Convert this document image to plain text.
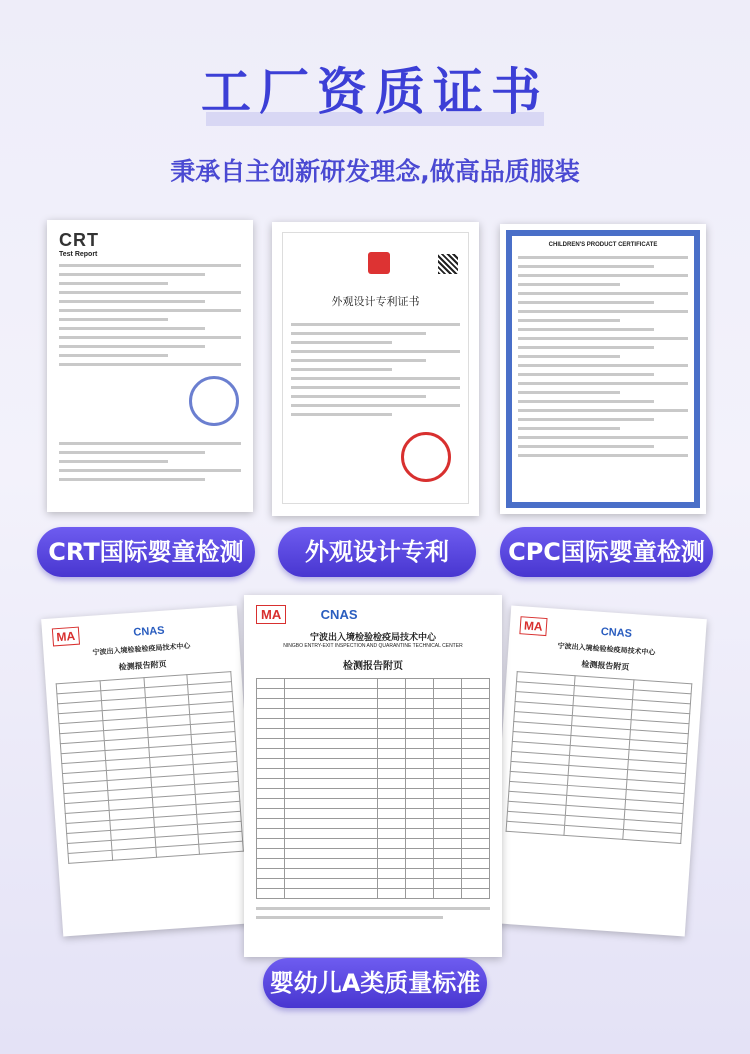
工厂资质证书
秉承自主创新研发理念,做高品质服装
CRT
Test Report
外观设计专利证书
CHILDREN'S PRODUCT CERTIFICATE
CRT国际婴童检测	外观设计专利	CPC国际婴童检测
MA	CNAS
宁波出入境检验检疫局技术中心
检测报告附页

MA	CNAS
宁波出入境检验检疫局技术中心
检测报告附页

MA	CNAS
宁波出入境检验检疫局技术中心
NINGBO ENTRY-EXIT INSPECTION AND QUARANTINE TECHNICAL CENTER
检测报告附页

婴幼儿A类质量标准
